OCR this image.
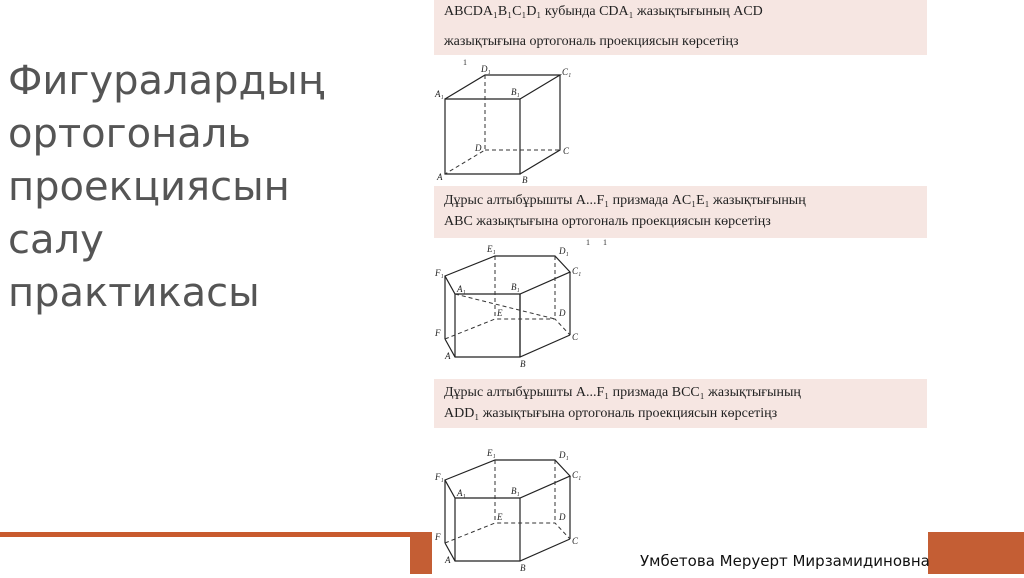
Фигуралардың
ортогональ
проекциясын
салу
практикасы
ABCDA₁B₁C₁D₁ кубында CDA₁ жазықтығының ACD
жазықтығына ортогональ проекциясын көрсетіңз
1
A₁	B₁
C₁
D₁
A	B
C
D
Дұрыс алтыбұрышты A...F₁ призмада AC₁E₁ жазықтығының
ABC жазықтығына ортогональ проекциясын көрсетіңз
1 1
F₁
E₁	D₁
C₁
B₁
A₁
F
E	D
C
B
A
Дұрыс алтыбұрышты A...F₁ призмада BCC₁ жазықтығының
ADD₁ жазықтығына ортогональ проекциясын көрсетіңз
F₁
E₁	D₁
C₁
B₁
A₁
F
E	D
C
B
A	Умбетова Меруерт Мирзамидиновна
